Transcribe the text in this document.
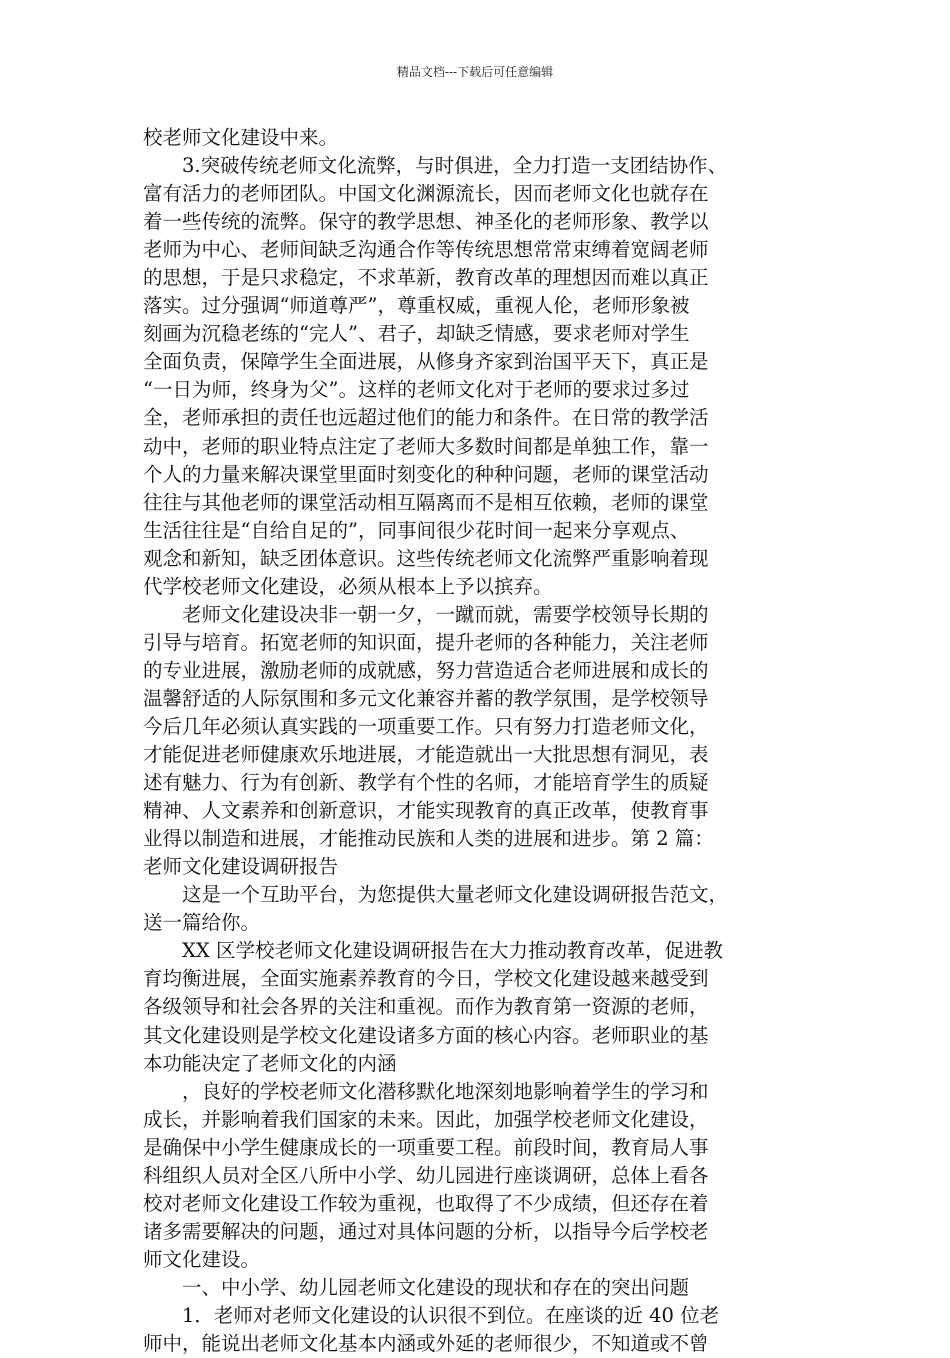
精品文档---下载后可任意编辑
校老师文化建设中来。
3.突破传统老师文化流弊，与时俱进，全力打造一支团结协作、
富有活力的老师团队。中国文化渊源流长，因而老师文化也就存在
着一些传统的流弊。保守的教学思想、神圣化的老师形象、教学以
老师为中心、老师间缺乏沟通合作等传统思想常常束缚着宽阔老师
的思想，于是只求稳定，不求革新，教育改革的理想因而难以真正
落实。过分强调“师道尊严”，尊重权威，重视人伦，老师形象被
刻画为沉稳老练的“完人”、君子，却缺乏情感，要求老师对学生
全面负责，保障学生全面进展，从修身齐家到治国平天下，真正是
“一日为师，终身为父”。这样的老师文化对于老师的要求过多过
全，老师承担的责任也远超过他们的能力和条件。在日常的教学活
动中，老师的职业特点注定了老师大多数时间都是单独工作，靠一
个人的力量来解决课堂里面时刻变化的种种问题，老师的课堂活动
往往与其他老师的课堂活动相互隔离而不是相互依赖，老师的课堂
生活往往是“自给自足的”，同事间很少花时间一起来分享观点、
观念和新知，缺乏团体意识。这些传统老师文化流弊严重影响着现
代学校老师文化建设，必须从根本上予以摈弃。
老师文化建设决非一朝一夕，一蹴而就，需要学校领导长期的
引导与培育。拓宽老师的知识面，提升老师的各种能力，关注老师
的专业进展，激励老师的成就感，努力营造适合老师进展和成长的
温馨舒适的人际氛围和多元文化兼容并蓄的教学氛围，是学校领导
今后几年必须认真实践的一项重要工作。只有努力打造老师文化，
才能促进老师健康欢乐地进展，才能造就出一大批思想有洞见，表
述有魅力、行为有创新、教学有个性的名师，才能培育学生的质疑
精神、人文素养和创新意识，才能实现教育的真正改革，使教育事
业得以制造和进展，才能推动民族和人类的进展和进步。第 2 篇：
老师文化建设调研报告
这是一个互助平台，为您提供大量老师文化建设调研报告范文，
送一篇给你。
XX 区学校老师文化建设调研报告在大力推动教育改革，促进教
育均衡进展，全面实施素养教育的今日，学校文化建设越来越受到
各级领导和社会各界的关注和重视。而作为教育第一资源的老师，
其文化建设则是学校文化建设诸多方面的核心内容。老师职业的基
本功能决定了老师文化的内涵
，良好的学校老师文化潜移默化地深刻地影响着学生的学习和
成长，并影响着我们国家的未来。因此，加强学校老师文化建设，
是确保中小学生健康成长的一项重要工程。前段时间，教育局人事
科组织人员对全区八所中小学、幼儿园进行座谈调研，总体上看各
校对老师文化建设工作较为重视，也取得了不少成绩，但还存在着
诸多需要解决的问题，通过对具体问题的分析，以指导今后学校老
师文化建设。
一、中小学、幼儿园老师文化建设的现状和存在的突出问题
1．老师对老师文化建设的认识很不到位。在座谈的近 40 位老
师中，能说出老师文化基本内涵或外延的老师很少，不知道或不曾
